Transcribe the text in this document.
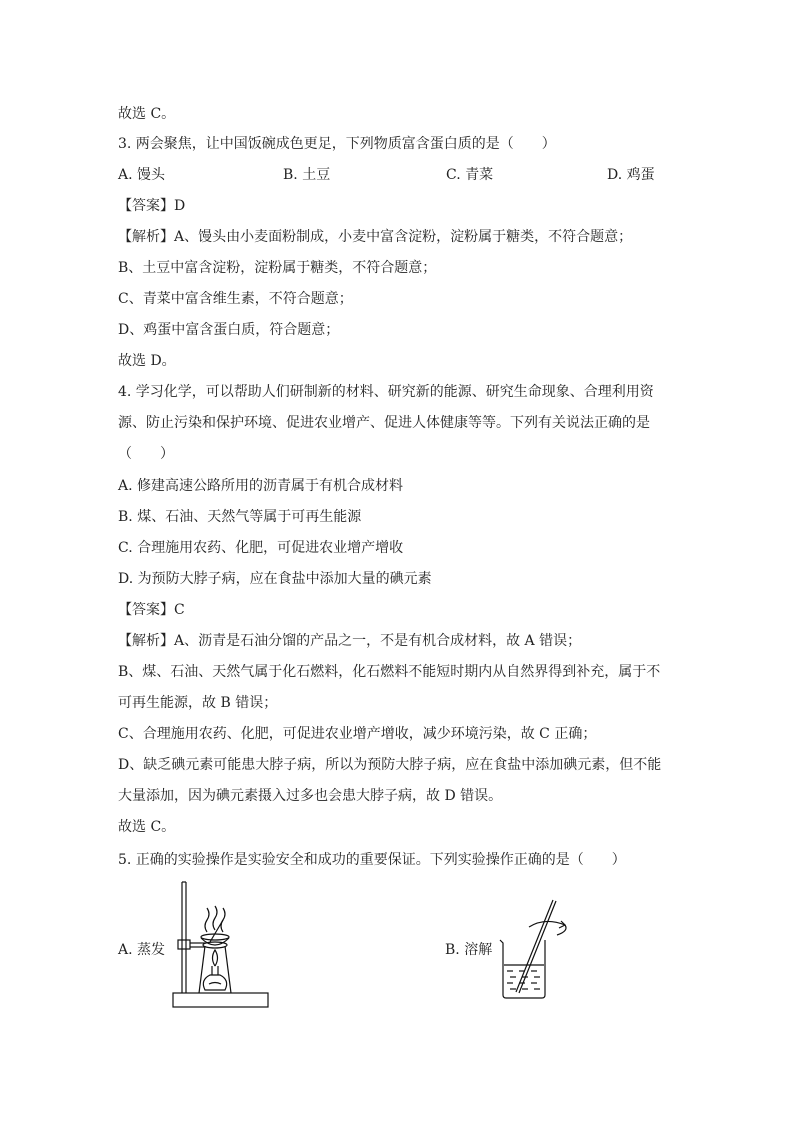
故选 C。
3. 两会聚焦，让中国饭碗成色更足，下列物质富含蛋白质的是（　　）
A. 馒头	B. 土豆	C. 青菜	D. 鸡蛋
【答案】D
【解析】A、馒头由小麦面粉制成，小麦中富含淀粉，淀粉属于糖类，不符合题意；
B、土豆中富含淀粉，淀粉属于糖类，不符合题意；
C、青菜中富含维生素，不符合题意；
D、鸡蛋中富含蛋白质，符合题意；
故选 D。
4. 学习化学，可以帮助人们研制新的材料、研究新的能源、研究生命现象、合理利用资
源、防止污染和保护环境、促进农业增产、促进人体健康等等。下列有关说法正确的是
（　　）
A. 修建高速公路所用的沥青属于有机合成材料
B. 煤、石油、天然气等属于可再生能源
C. 合理施用农药、化肥，可促进农业增产增收
D. 为预防大脖子病，应在食盐中添加大量的碘元素
【答案】C
【解析】A、沥青是石油分馏的产品之一，不是有机合成材料，故 A 错误；
B、煤、石油、天然气属于化石燃料，化石燃料不能短时期内从自然界得到补充，属于不
可再生能源，故 B 错误；
C、合理施用农药、化肥，可促进农业增产增收，减少环境污染，故 C 正确；
D、缺乏碘元素可能患大脖子病，所以为预防大脖子病，应在食盐中添加碘元素，但不能
大量添加，因为碘元素摄入过多也会患大脖子病，故 D 错误。
故选 C。
5. 正确的实验操作是实验安全和成功的重要保证。下列实验操作正确的是（　　）
A. 蒸发	B. 溶解
